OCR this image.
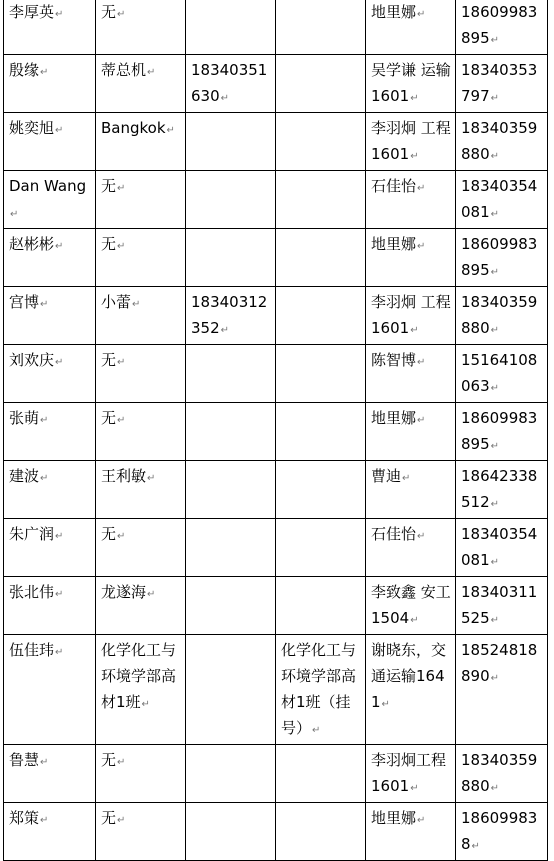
李厚英↵	无↵			地里娜↵	18609983895↵
殷缘↵	蒂总机↵	18340351630↵		吴学谦 运输1601↵	18340353797↵
姚奕旭↵	Bangkok↵			李羽炯 工程1601↵	18340359880↵
Dan Wang↵	无↵			石佳怡↵	18340354081↵
赵彬彬↵	无↵			地里娜↵	18609983895↵
宫博↵	小蕾↵	18340312352↵		李羽炯 工程1601↵	18340359880↵
刘欢庆↵	无↵			陈智博↵	15164108063↵
张萌↵	无↵			地里娜↵	18609983895↵
建波↵	王利敏↵			曹迪↵	18642338512↵
朱广润↵	无↵			石佳怡↵	18340354081↵
张北伟↵	龙遂海↵			李致鑫 安工1504↵	18340311525↵
伍佳玮↵	化学化工与环境学部高材1班↵		化学化工与环境学部高材1班（挂号）↵	谢晓东，交通运输1641↵	18524818890↵
鲁慧↵	无↵			李羽炯工程1601↵	18340359880↵
郑策↵	无↵			地里娜↵	186099838↵
